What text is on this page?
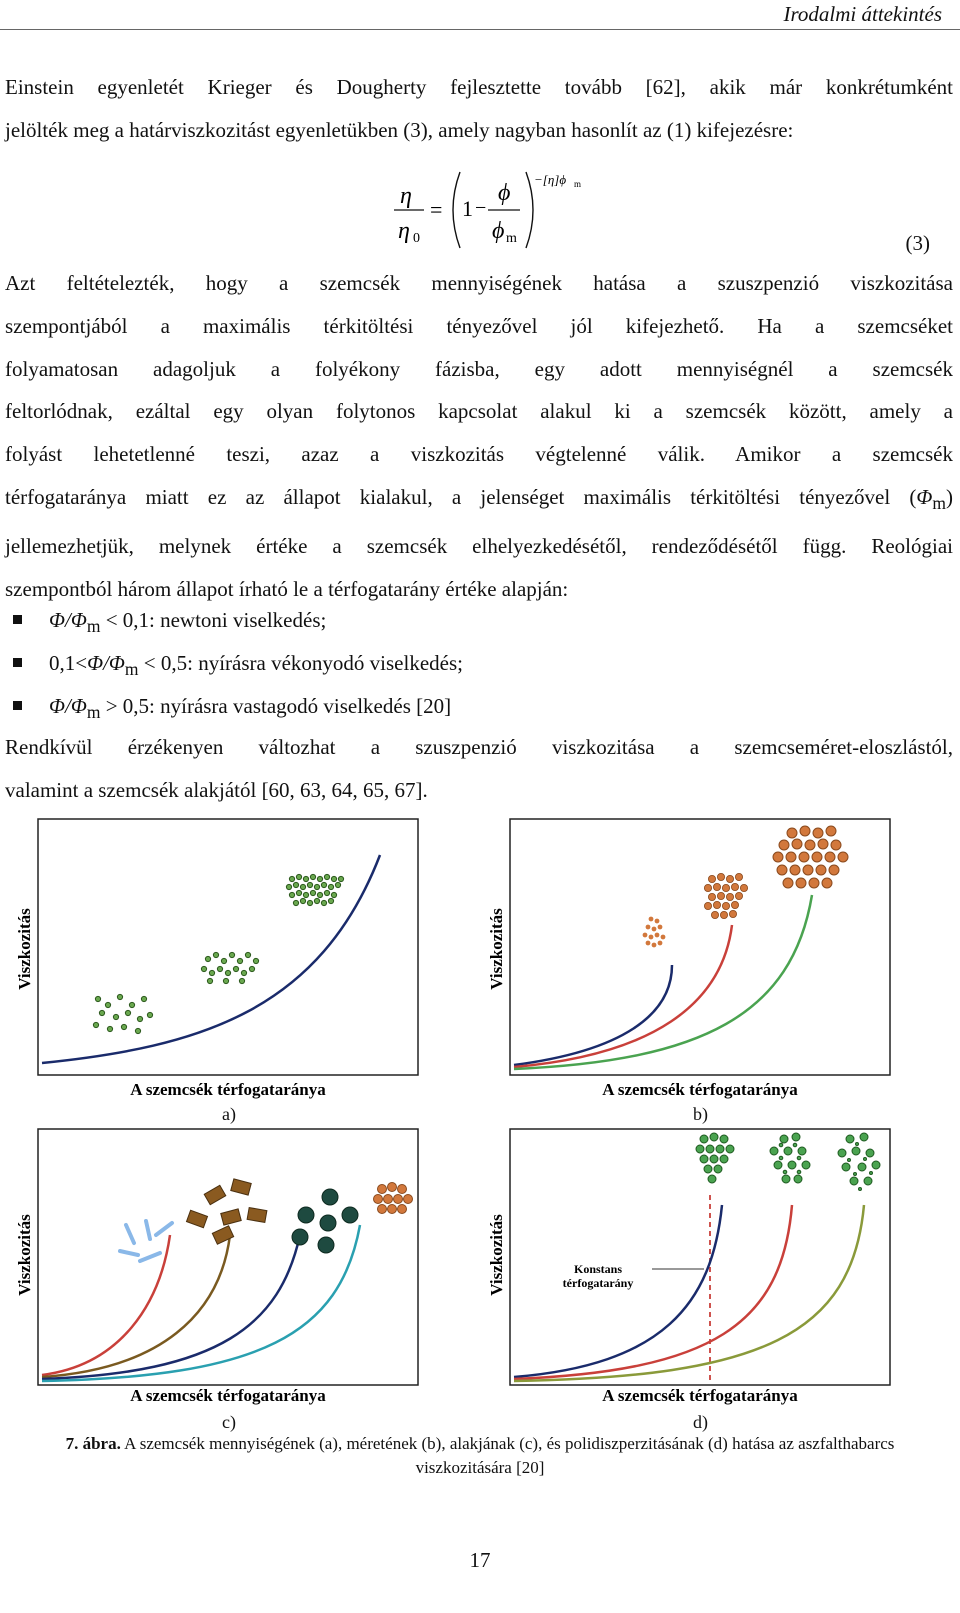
Irodalmi áttekintés

Einstein egyenletét Krieger és Dougherty fejlesztette tovább [62], akik már konkrétumként

jelölték meg a határviszkozitást egyenletükben (3), amely nagyban hasonlít az (1) kifejezésre:

η
η 0
= 1 −
ϕ
ϕ m
−[η]ϕ m
(3)

Azt feltételezték, hogy a szemcsék mennyiségének hatása a szuszpenzió viszkozitása

szempontjából a maximális térkitöltési tényezővel jól kifejezhető. Ha a szemcséket

folyamatosan adagoljuk a folyékony fázisba, egy adott mennyiségnél a szemcsék

feltorlódnak, ezáltal egy olyan folytonos kapcsolat alakul ki a szemcsék között, amely a

folyást lehetetlenné teszi, azaz a viszkozitás végtelenné válik. Amikor a szemcsék

térfogataránya miatt ez az állapot kialakul, a jelenséget maximális térkitöltési tényezővel $(\Phi_m)$

jellemezhetjük, melynek értéke a szemcsék elhelyezkedésétől, rendeződésétől függ. Reológiai

szempontból három állapot írható le a térfogatarány értéke alapján:

$\Phi/\Phi_m < 0,1$: newtoni viselkedés;
$0,1<\Phi/\Phi_m < 0,5$: nyírásra vékonyodó viselkedés;
$\Phi/\Phi_m > 0,5$: nyírásra vastagodó viselkedés [20]

Rendkívül érzékenyen változhat a szuszpenzió viszkozitása a szemcseméret-eloszlástól,

valamint a szemcsék alakjától [60, 63, 64, 65, 67].

Viszkozitás
A szemcsék térfogataránya
a)
Viszkozitás
A szemcsék térfogataránya
b)
Viszkozitás
A szemcsék térfogataránya
c)
Viszkozitás
A szemcsék térfogataránya
Konstans
térfogatarány
d)
7. ábra. A szemcsék mennyiségének (a), méretének (b), alakjának (c), és polidiszperzitásának (d) hatása az aszfalthabarcs viszkozitására [20]
17
